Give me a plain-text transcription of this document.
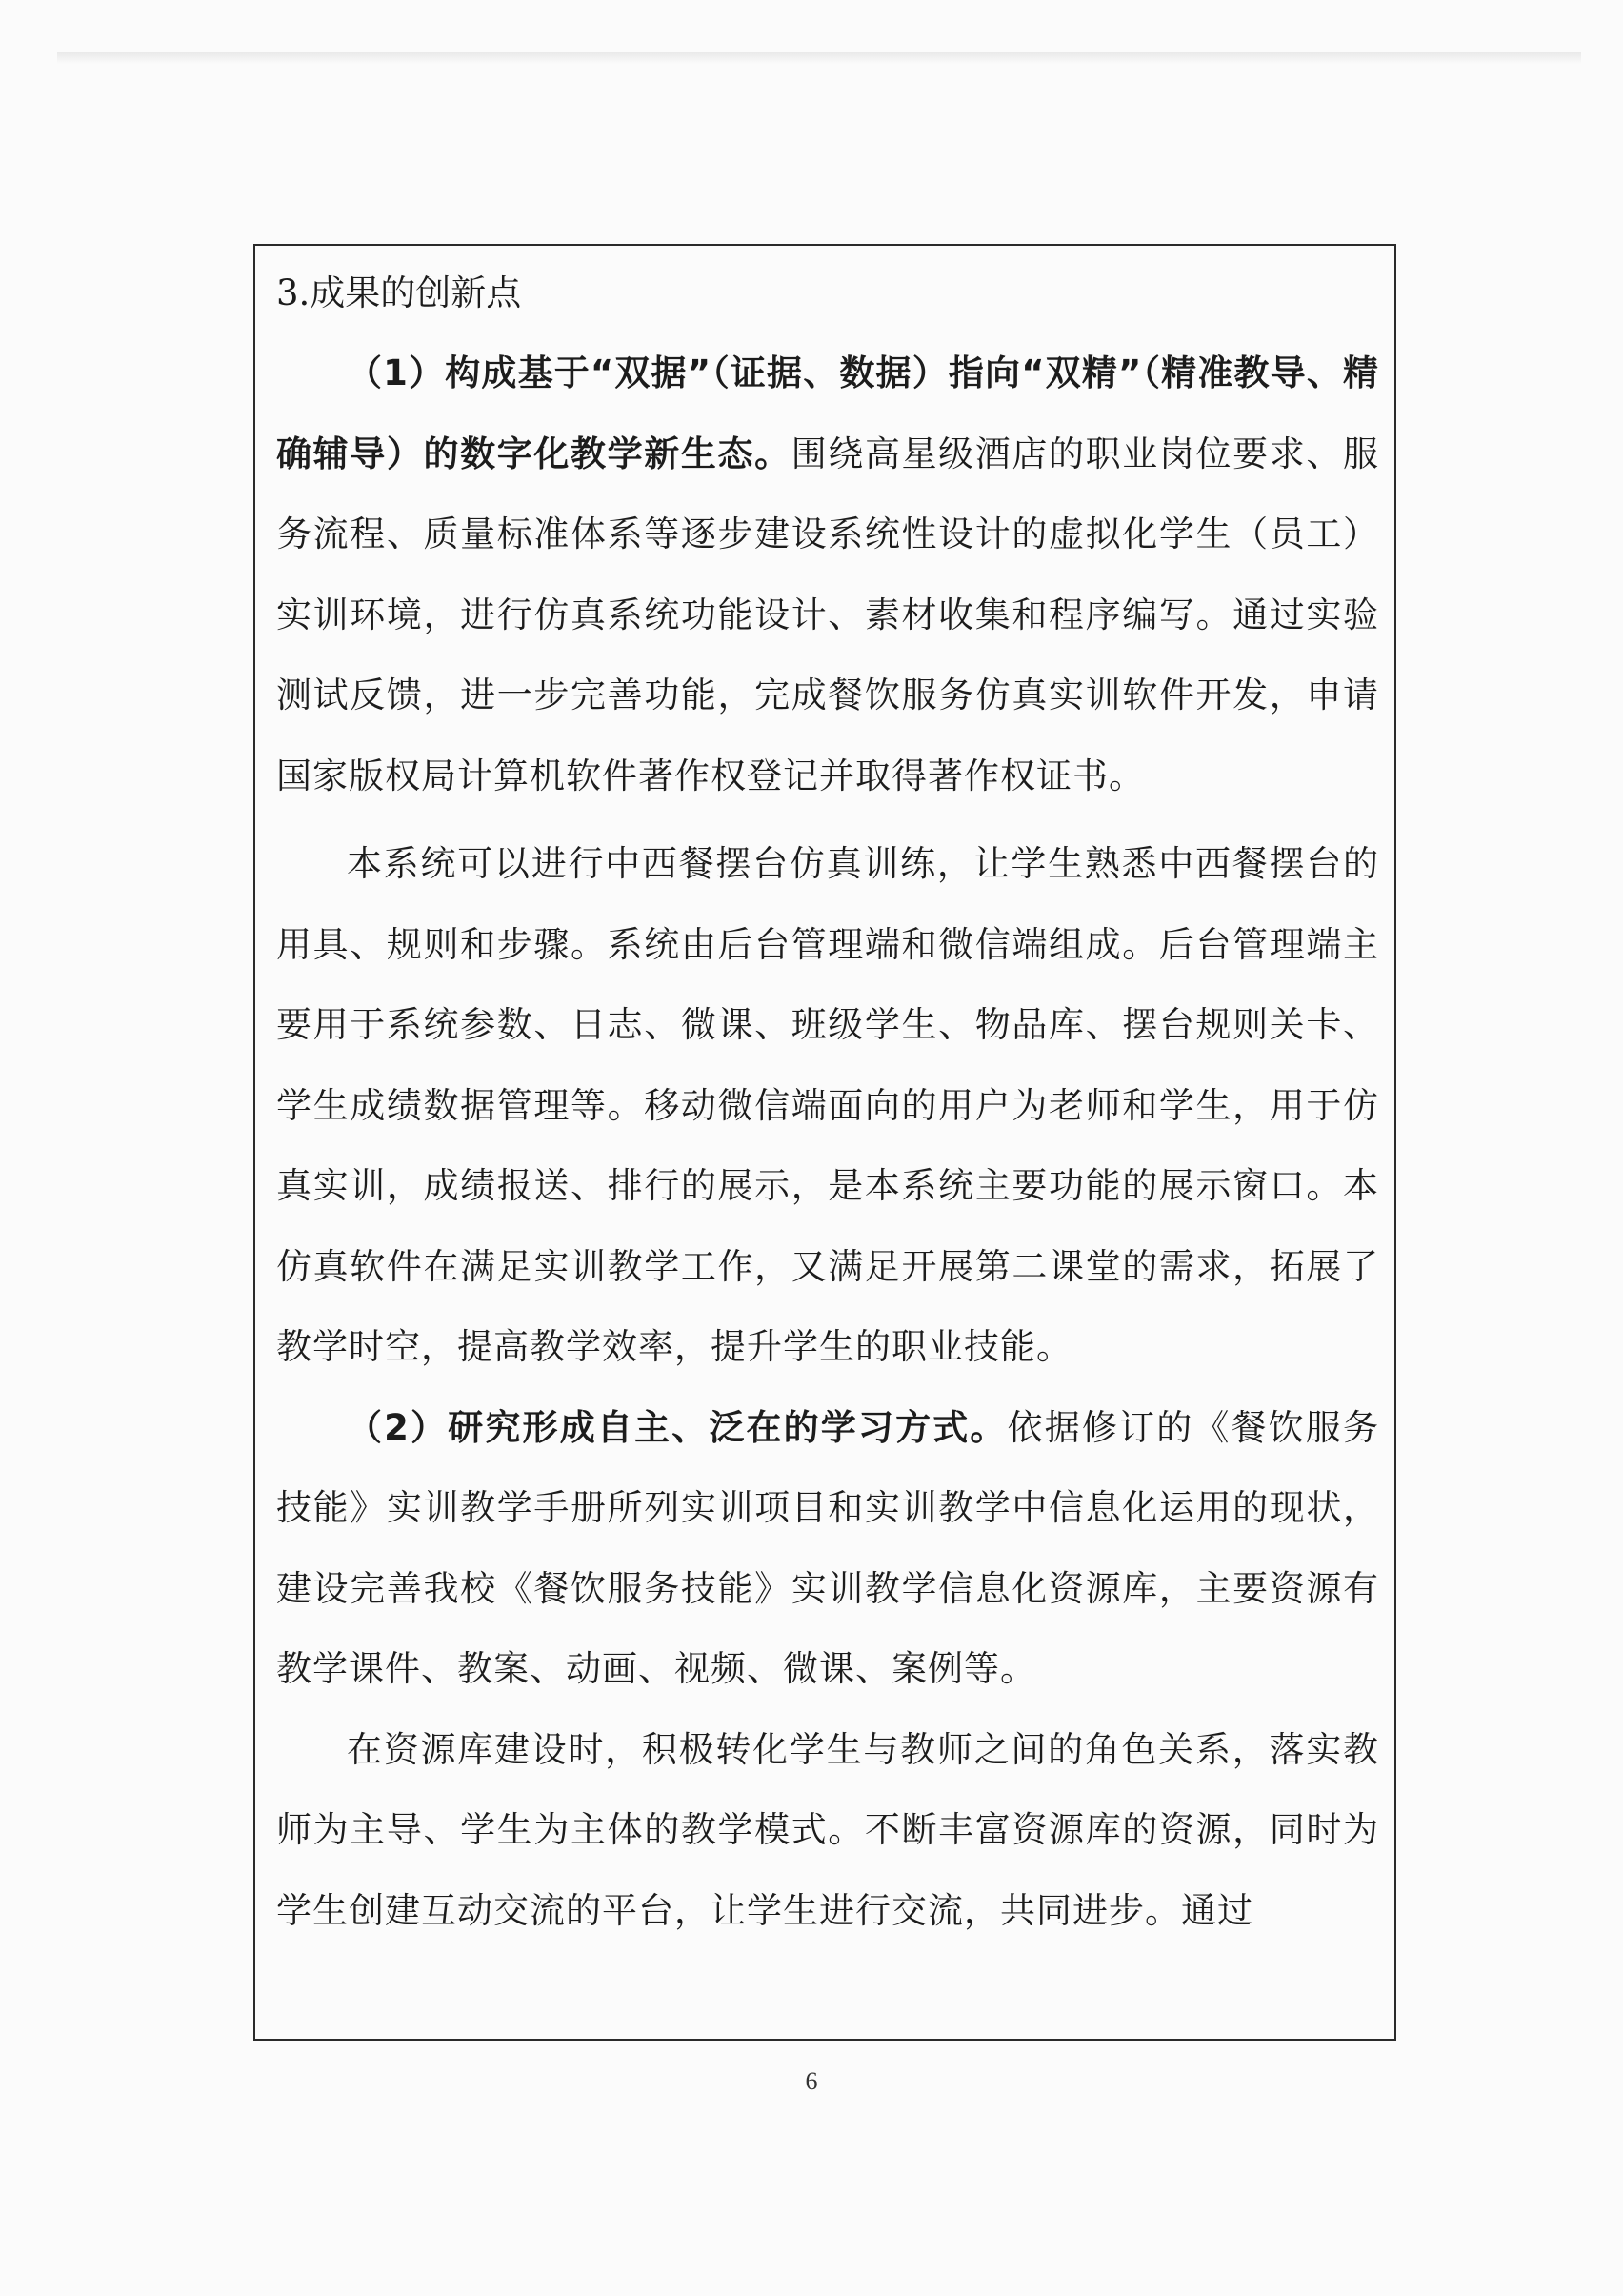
3.成果的创新点

（1）构成基于“双据”（证据、数据）指向“双精”（精准教导、精确辅导）的数字化教学新生态。围绕高星级酒店的职业岗位要求、服务流程、质量标准体系等逐步建设系统性设计的虚拟化学生（员工）实训环境，进行仿真系统功能设计、素材收集和程序编写。通过实验测试反馈，进一步完善功能，完成餐饮服务仿真实训软件开发，申请国家版权局计算机软件著作权登记并取得著作权证书。

本系统可以进行中西餐摆台仿真训练，让学生熟悉中西餐摆台的用具、规则和步骤。系统由后台管理端和微信端组成。后台管理端主要用于系统参数、日志、微课、班级学生、物品库、摆台规则关卡、学生成绩数据管理等。移动微信端面向的用户为老师和学生，用于仿真实训，成绩报送、排行的展示，是本系统主要功能的展示窗口。本仿真软件在满足实训教学工作，又满足开展第二课堂的需求，拓展了教学时空，提高教学效率，提升学生的职业技能。

（2）研究形成自主、泛在的学习方式。依据修订的《餐饮服务技能》实训教学手册所列实训项目和实训教学中信息化运用的现状，建设完善我校《餐饮服务技能》实训教学信息化资源库，主要资源有教学课件、教案、动画、视频、微课、案例等。

在资源库建设时，积极转化学生与教师之间的角色关系，落实教师为主导、学生为主体的教学模式。不断丰富资源库的资源，同时为学生创建互动交流的平台，让学生进行交流，共同进步。通过

6
